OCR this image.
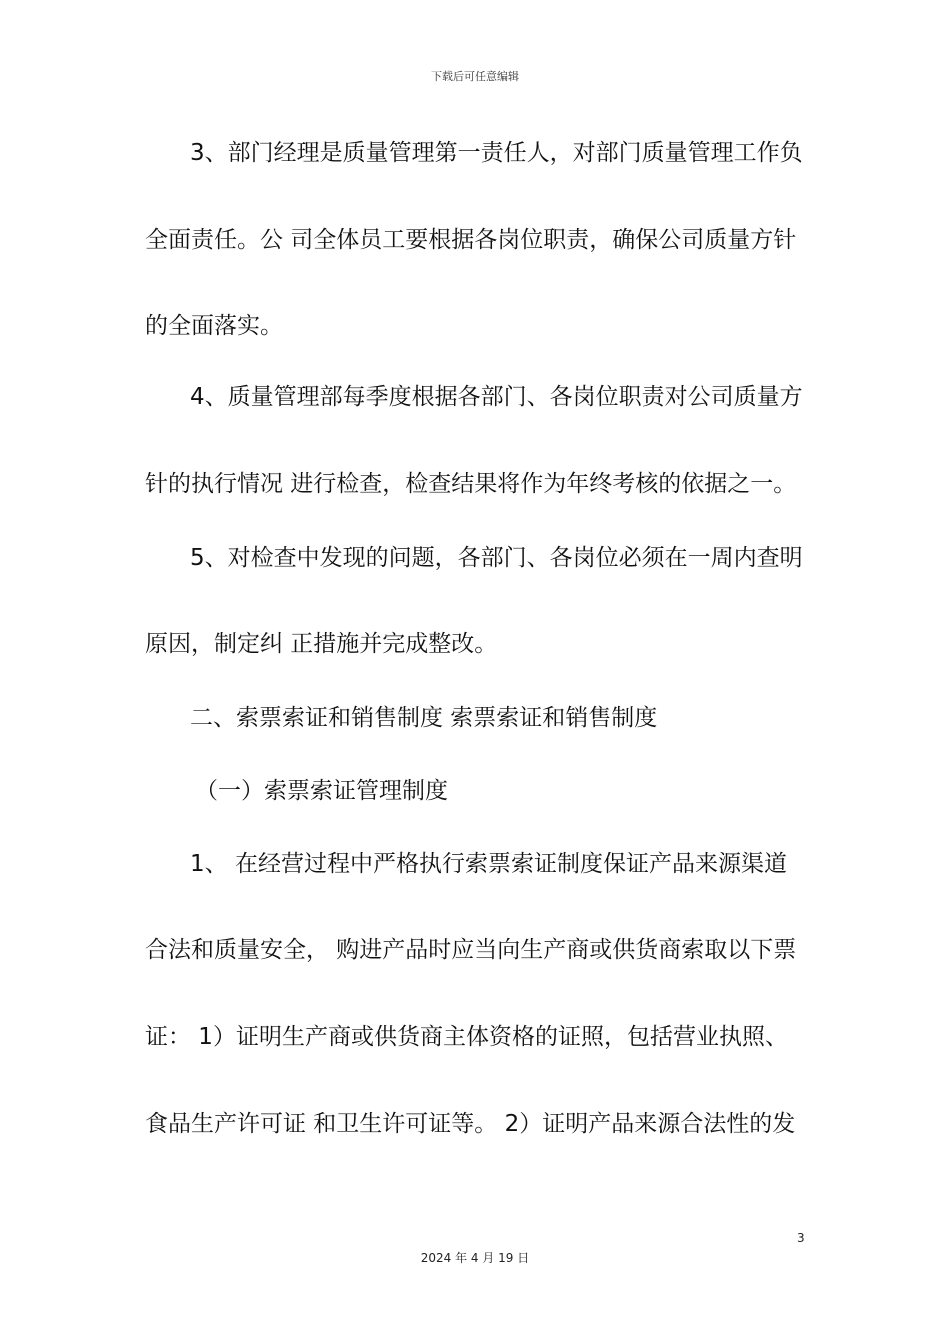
下载后可任意编辑
3、部门经理是质量管理第一责任人，对部门质量管理工作负
全面责任。公 司全体员工要根据各岗位职责，确保公司质量方针
的全面落实。
4、质量管理部每季度根据各部门、各岗位职责对公司质量方
针的执行情况 进行检查，检查结果将作为年终考核的依据之一。
5、对检查中发现的问题，各部门、各岗位必须在一周内查明
原因，制定纠 正措施并完成整改。
二、索票索证和销售制度 索票索证和销售制度
（一）索票索证管理制度
1、 在经营过程中严格执行索票索证制度保证产品来源渠道
合法和质量安全， 购进产品时应当向生产商或供货商索取以下票
证： 1）证明生产商或供货商主体资格的证照，包括营业执照、
食品生产许可证 和卫生许可证等。 2）证明产品来源合法性的发
3
2024 年 4 月 19 日
